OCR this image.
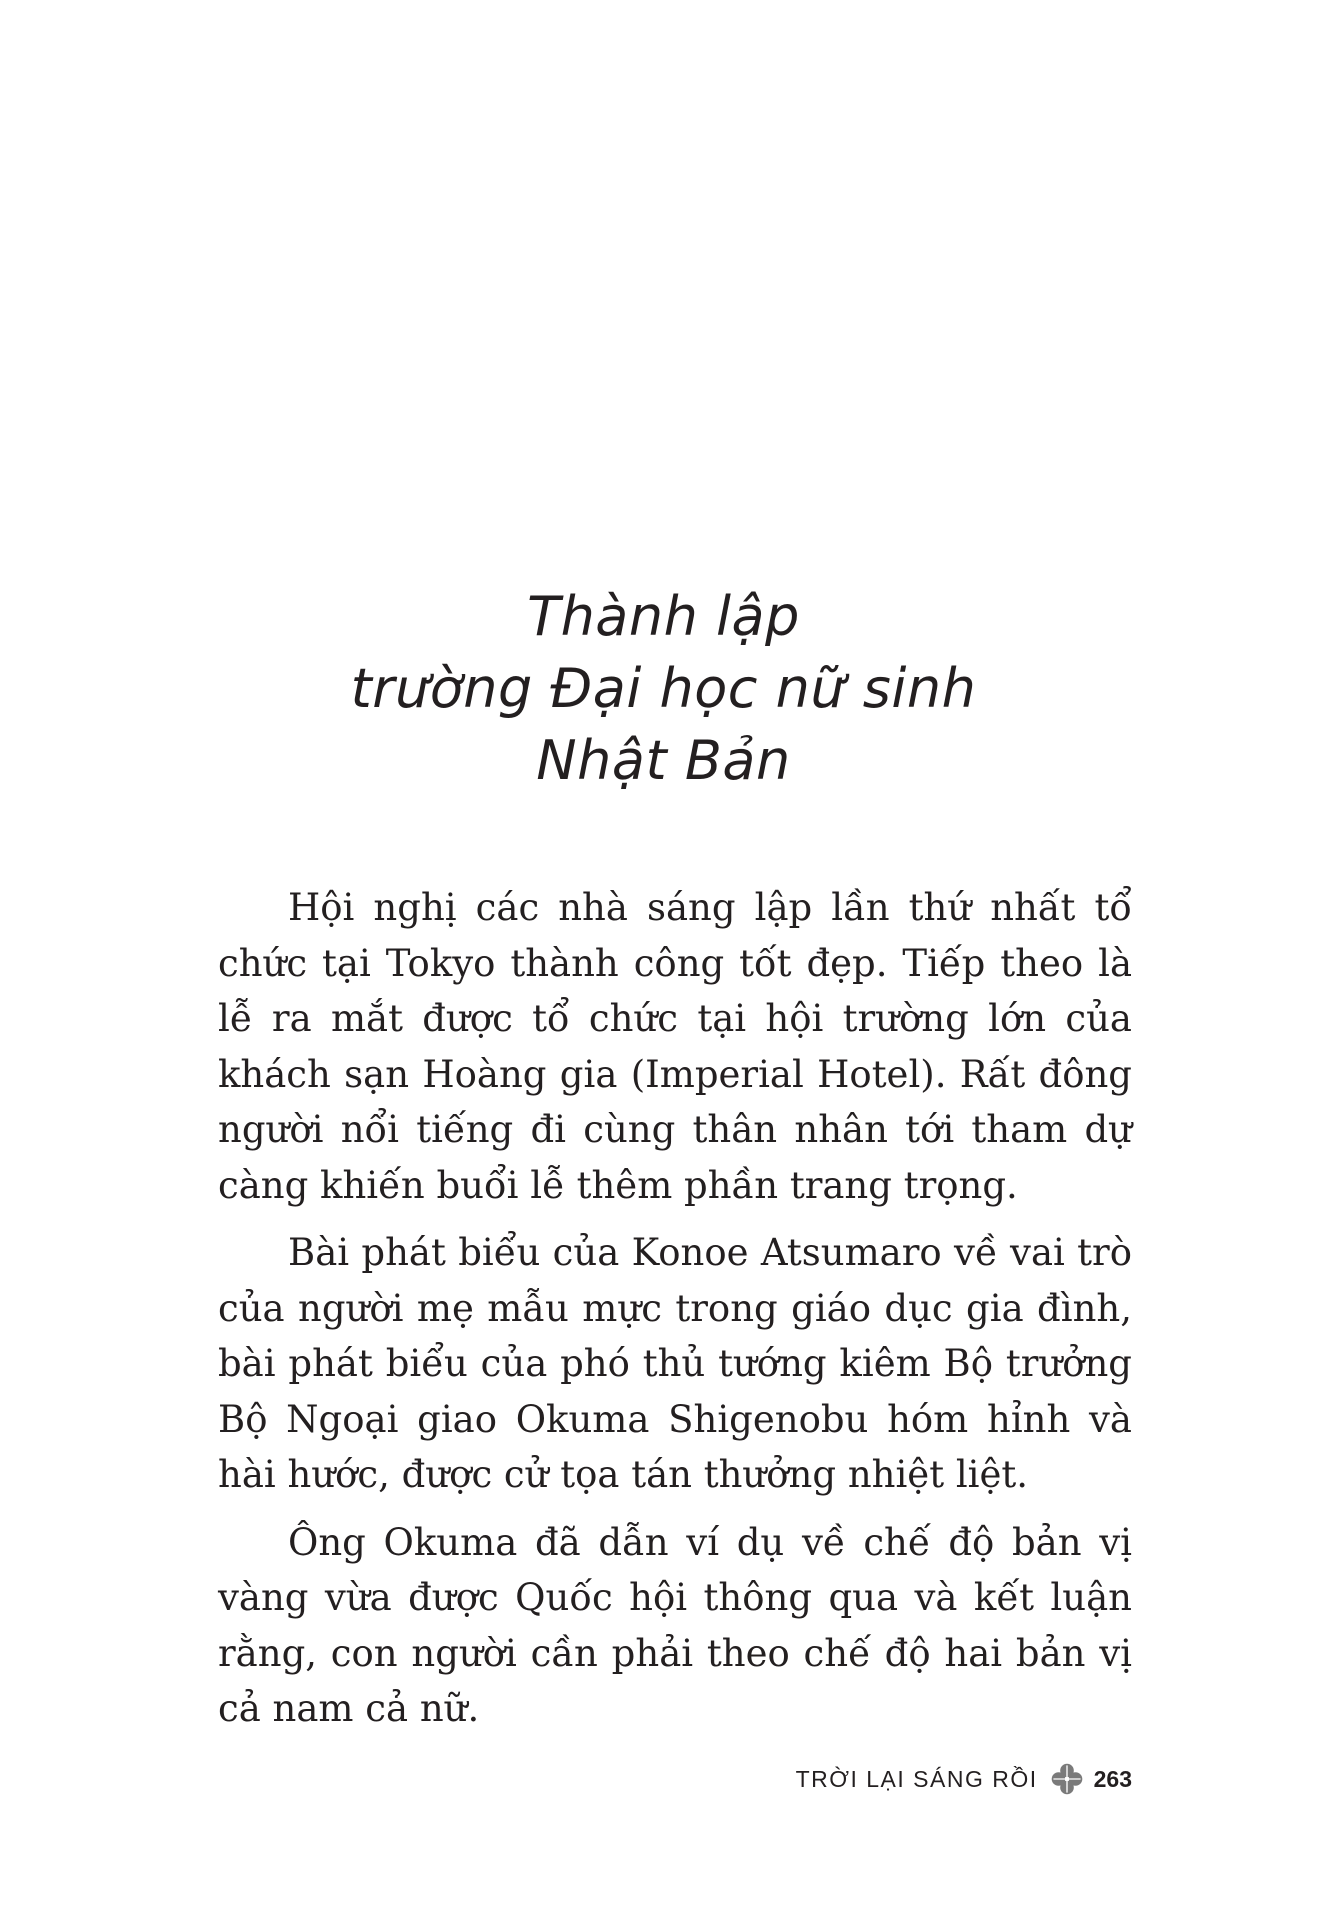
Thành lập
trường Đại học nữ sinh
Nhật Bản

Hội nghị các nhà sáng lập lần thứ nhất tổ chức tại Tokyo thành công tốt đẹp. Tiếp theo là lễ ra mắt được tổ chức tại hội trường lớn của khách sạn Hoàng gia (Imperial Hotel). Rất đông người nổi tiếng đi cùng thân nhân tới tham dự càng khiến buổi lễ thêm phần trang trọng.

Bài phát biểu của Konoe Atsumaro về vai trò của người mẹ mẫu mực trong giáo dục gia đình, bài phát biểu của phó thủ tướng kiêm Bộ trưởng Bộ Ngoại giao Okuma Shigenobu hóm hỉnh và hài hước, được cử tọa tán thưởng nhiệt liệt.

Ông Okuma đã dẫn ví dụ về chế độ bản vị vàng vừa được Quốc hội thông qua và kết luận rằng, con người cần phải theo chế độ hai bản vị cả nam cả nữ.

TRỜI LẠI SÁNG RỒI 263
